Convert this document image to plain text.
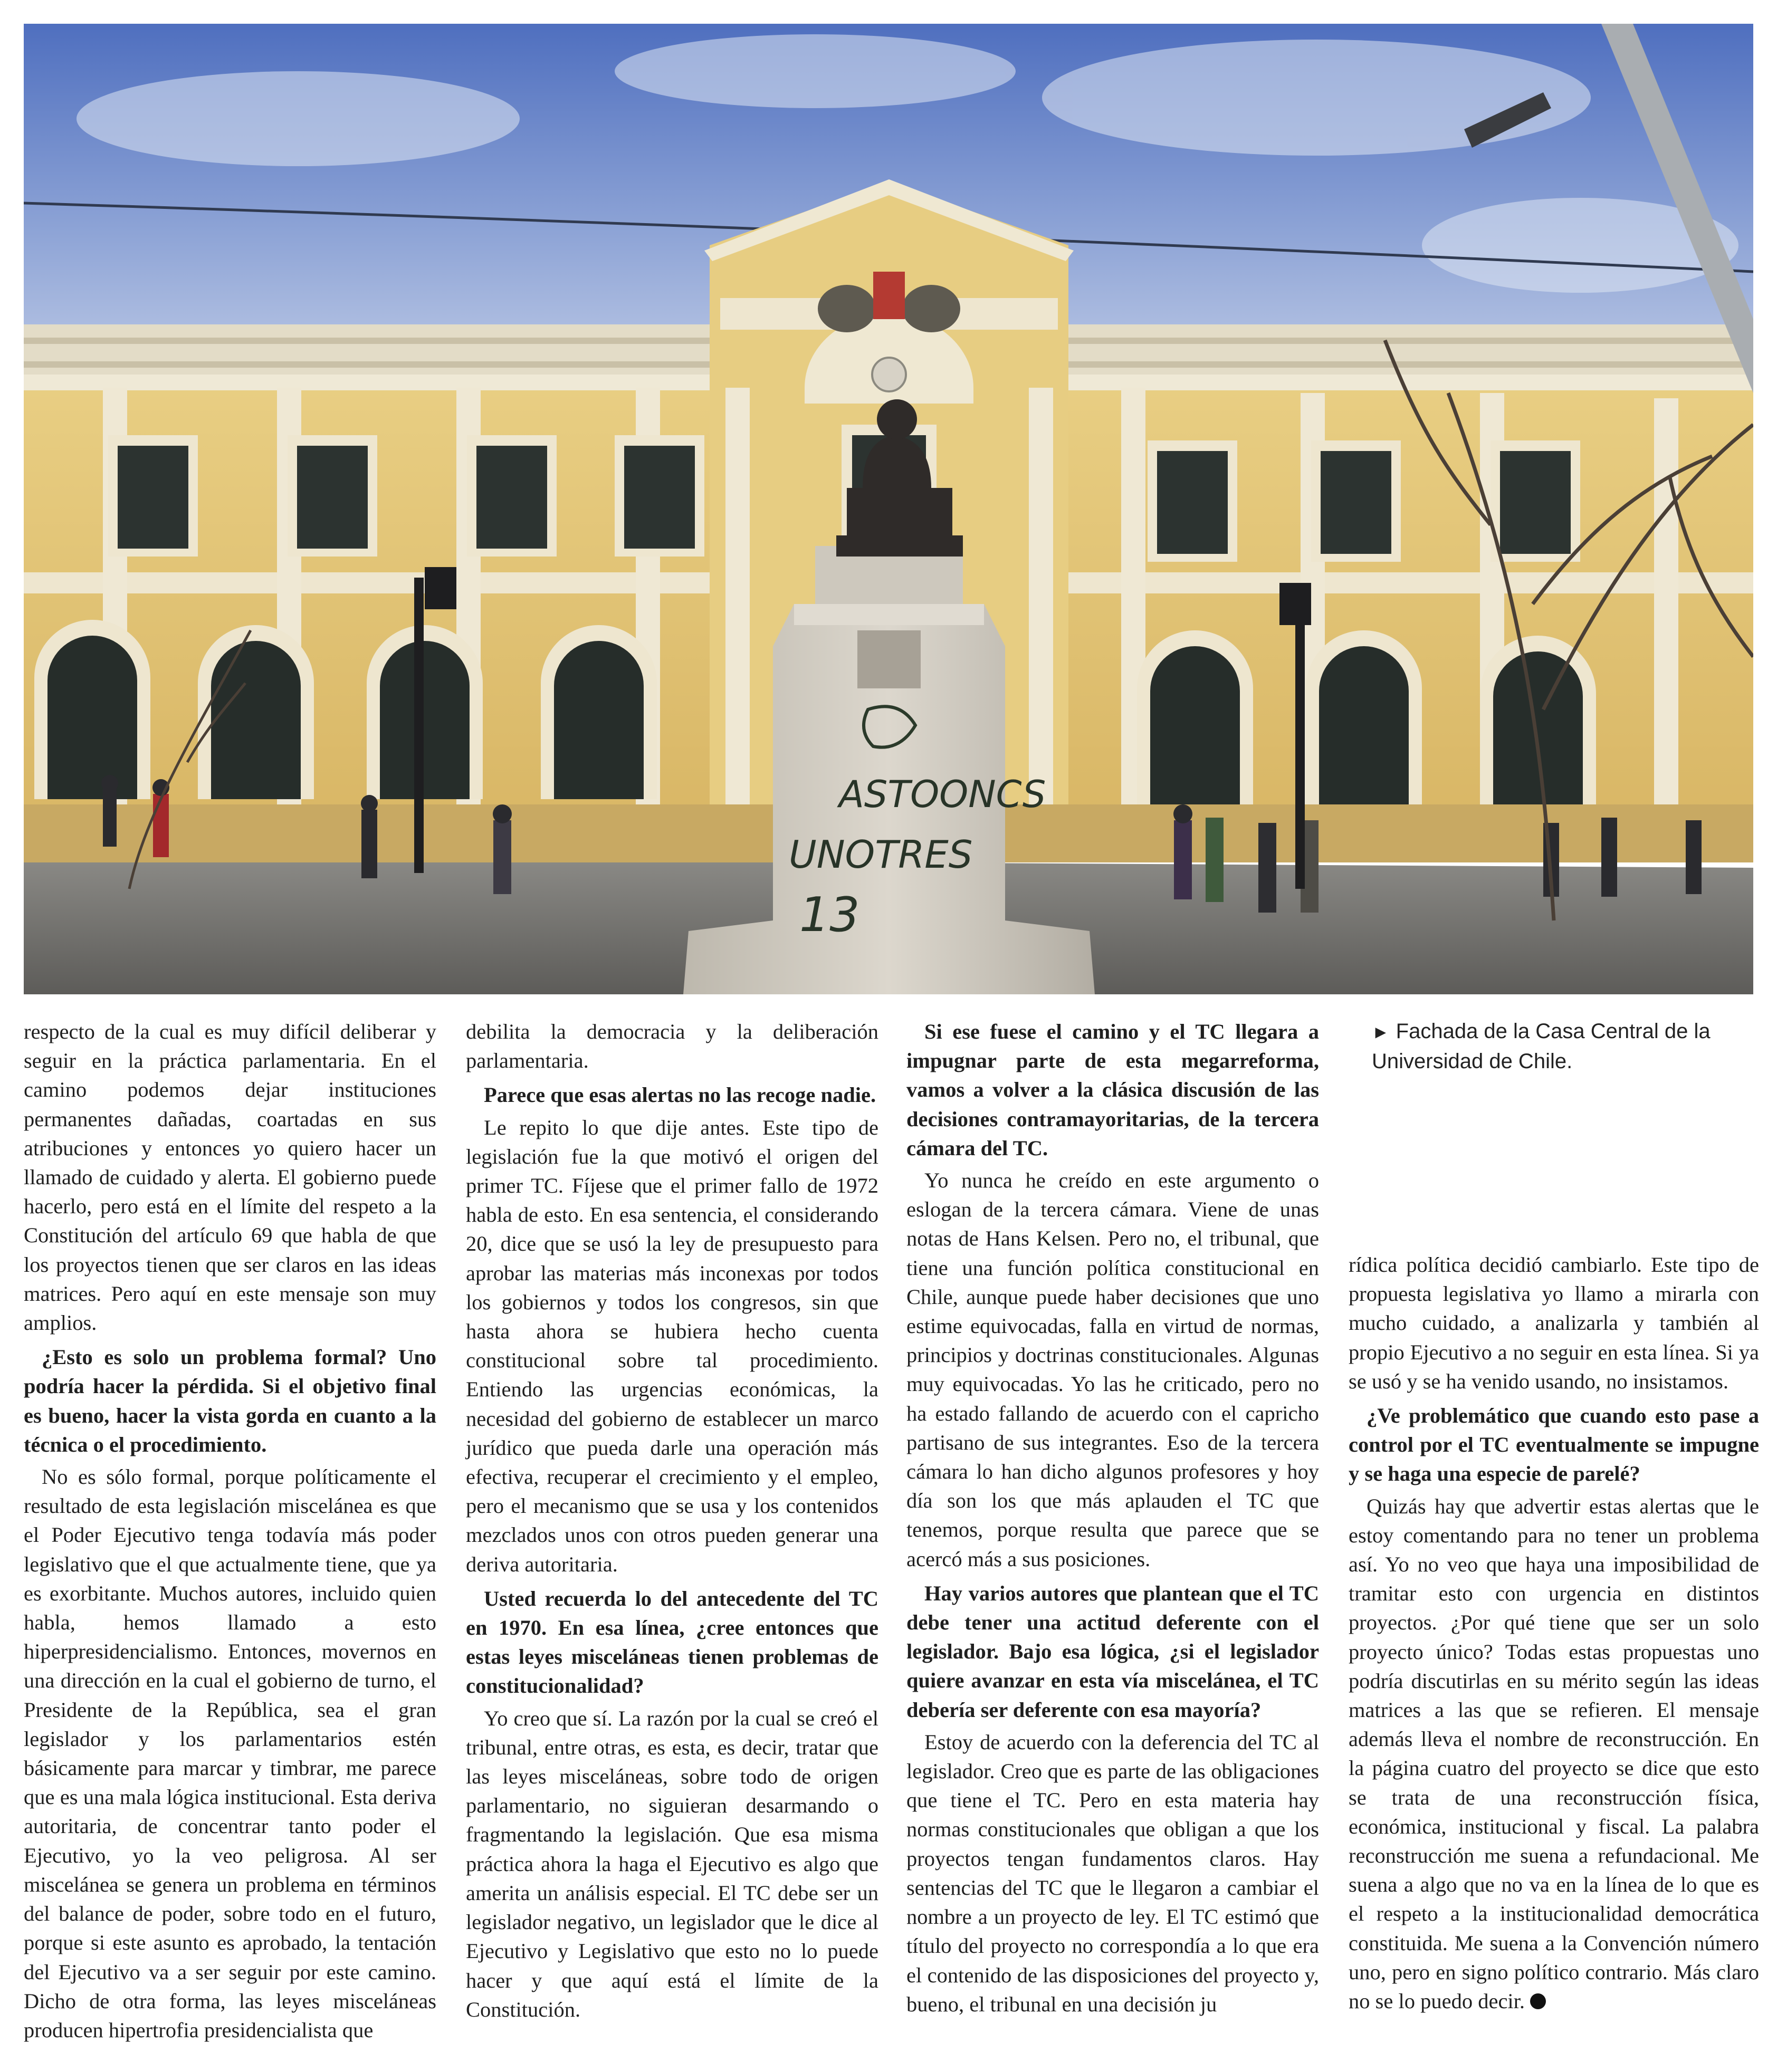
ASTOONCS
UNOTRES
13

respecto de la cual es muy difícil deliberar y seguir en la práctica parlamentaria. En el camino podemos dejar instituciones permanentes dañadas, coartadas en sus atribuciones y entonces yo quiero hacer un llamado de cuidado y alerta. El gobierno puede hacerlo, pero está en el límite del respeto a la Constitución del artículo 69 que habla de que los proyectos tienen que ser claros en las ideas matrices. Pero aquí en este mensaje son muy amplios.

¿Esto es solo un problema formal? Uno podría hacer la pérdida. Si el objetivo final es bueno, hacer la vista gorda en cuanto a la técnica o el procedimiento.

No es sólo formal, porque políticamente el resultado de esta legislación miscelánea es que el Poder Ejecutivo tenga todavía más poder legislativo que el que actualmente tiene, que ya es exorbitante. Muchos autores, incluido quien habla, hemos llamado a esto hiperpresidencialismo. Entonces, movernos en una dirección en la cual el gobierno de turno, el Presidente de la República, sea el gran legislador y los parlamentarios estén básicamente para marcar y timbrar, me parece que es una mala lógica institucional. Esta deriva autoritaria, de concentrar tanto poder el Ejecutivo, yo la veo peligrosa. Al ser miscelánea se genera un problema en términos del balance de poder, sobre todo en el futuro, porque si este asunto es aprobado, la tentación del Ejecutivo va a ser seguir por este camino. Dicho de otra forma, las leyes misceláneas producen hipertrofia presidencialista que

debilita la democracia y la deliberación parlamentaria.

Parece que esas alertas no las recoge nadie.

Le repito lo que dije antes. Este tipo de legislación fue la que motivó el origen del primer TC. Fíjese que el primer fallo de 1972 habla de esto. En esa sentencia, el considerando 20, dice que se usó la ley de presupuesto para aprobar las materias más inconexas por todos los gobiernos y todos los congresos, sin que hasta ahora se hubiera hecho cuenta constitucional sobre tal procedimiento. Entiendo las urgencias económicas, la necesidad del gobierno de establecer un marco jurídico que pueda darle una operación más efectiva, recuperar el crecimiento y el empleo, pero el mecanismo que se usa y los contenidos mezclados unos con otros pueden generar una deriva autoritaria.

Usted recuerda lo del antecedente del TC en 1970. En esa línea, ¿cree entonces que estas leyes misceláneas tienen problemas de constitucionalidad?

Yo creo que sí. La razón por la cual se creó el tribunal, entre otras, es esta, es decir, tratar que las leyes misceláneas, sobre todo de origen parlamentario, no siguieran desarmando o fragmentando la legislación. Que esa misma práctica ahora la haga el Ejecutivo es algo que amerita un análisis especial. El TC debe ser un legislador negativo, un legislador que le dice al Ejecutivo y Legislativo que esto no lo puede hacer y que aquí está el límite de la Constitución.

Si ese fuese el camino y el TC llegara a impugnar parte de esta megarreforma, vamos a volver a la clásica discusión de las decisiones contramayoritarias, de la tercera cámara del TC.

Yo nunca he creído en este argumento o eslogan de la tercera cámara. Viene de unas notas de Hans Kelsen. Pero no, el tribunal, que tiene una función política constitucional en Chile, aunque puede haber decisiones que uno estime equivocadas, falla en virtud de normas, principios y doctrinas constitucionales. Algunas muy equivocadas. Yo las he criticado, pero no ha estado fallando de acuerdo con el capricho partisano de sus integrantes. Eso de la tercera cámara lo han dicho algunos profesores y hoy día son los que más aplauden el TC que tenemos, porque resulta que parece que se acercó más a sus posiciones.

Hay varios autores que plantean que el TC debe tener una actitud deferente con el legislador. Bajo esa lógica, ¿si el legislador quiere avanzar en esta vía miscelánea, el TC debería ser deferente con esa mayoría?

Estoy de acuerdo con la deferencia del TC al legislador. Creo que es parte de las obligaciones que tiene el TC. Pero en esta materia hay normas constitucionales que obligan a que los proyectos tengan fundamentos claros. Hay sentencias del TC que le llegaron a cambiar el nombre a un proyecto de ley. El TC estimó que título del proyecto no correspondía a lo que era el contenido de las disposiciones del proyecto y, bueno, el tribunal en una decisión ju

► Fachada de la Casa Central de la Universidad de Chile.

rídica política decidió cambiarlo. Este tipo de propuesta legislativa yo llamo a mirarla con mucho cuidado, a analizarla y también al propio Ejecutivo a no seguir en esta línea. Si ya se usó y se ha venido usando, no insistamos.

¿Ve problemático que cuando esto pase a control por el TC eventualmente se impugne y se haga una especie de parelé?

Quizás hay que advertir estas alertas que le estoy comentando para no tener un problema así. Yo no veo que haya una imposibilidad de tramitar esto con urgencia en distintos proyectos. ¿Por qué tiene que ser un solo proyecto único? Todas estas propuestas uno podría discutirlas en su mérito según las ideas matrices a las que se refieren. El mensaje además lleva el nombre de reconstrucción. En la página cuatro del proyecto se dice que esto se trata de una reconstrucción física, económica, institucional y fiscal. La palabra reconstrucción me suena a refundacional. Me suena a algo que no va en la línea de lo que es el respeto a la institucionalidad democrática constituida. Me suena a la Convención número uno, pero en signo político contrario. Más claro no se lo puedo decir.
